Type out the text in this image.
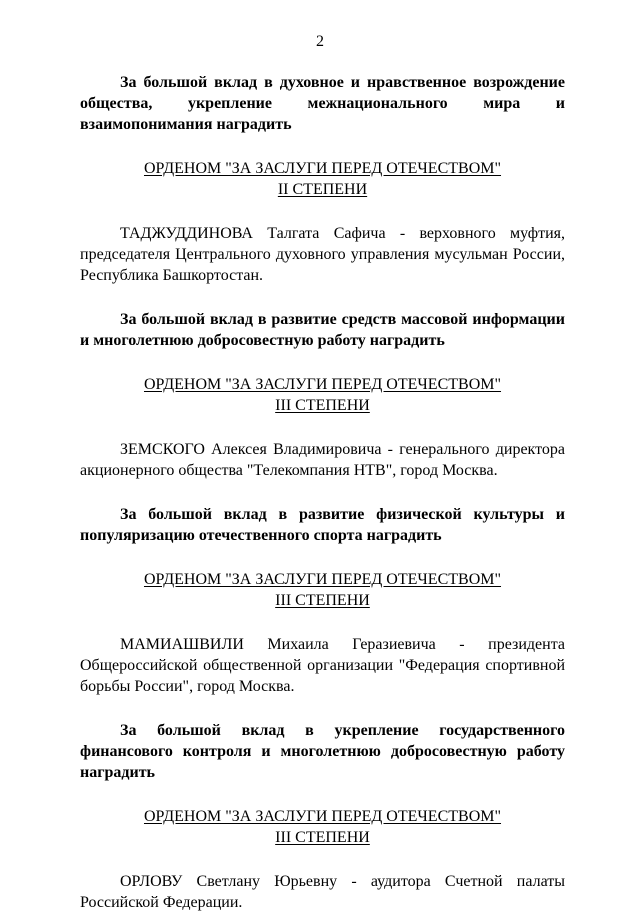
2

За большой вклад в духовное и нравственное возрождение общества, укрепление межнационального мира и взаимопонимания наградить

ОРДЕНОМ "ЗА ЗАСЛУГИ ПЕРЕД ОТЕЧЕСТВОМ"
II СТЕПЕНИ

ТАДЖУДДИНОВА Талгата Сафича - верховного муфтия, председателя Центрального духовного управления мусульман России, Республика Башкортостан.

За большой вклад в развитие средств массовой информации и многолетнюю добросовестную работу наградить

ОРДЕНОМ "ЗА ЗАСЛУГИ ПЕРЕД ОТЕЧЕСТВОМ"
III СТЕПЕНИ

ЗЕМСКОГО Алексея Владимировича - генерального директора акционерного общества "Телекомпания НТВ", город Москва.

За большой вклад в развитие физической культуры и популяризацию отечественного спорта наградить

ОРДЕНОМ "ЗА ЗАСЛУГИ ПЕРЕД ОТЕЧЕСТВОМ"
III СТЕПЕНИ

МАМИАШВИЛИ Михаила Геразиевича - президента Общероссийской общественной организации "Федерация спортивной борьбы России", город Москва.

За большой вклад в укрепление государственного финансового контроля и многолетнюю добросовестную работу наградить

ОРДЕНОМ "ЗА ЗАСЛУГИ ПЕРЕД ОТЕЧЕСТВОМ"
III СТЕПЕНИ

ОРЛОВУ Светлану Юрьевну - аудитора Счетной палаты Российской Федерации.
